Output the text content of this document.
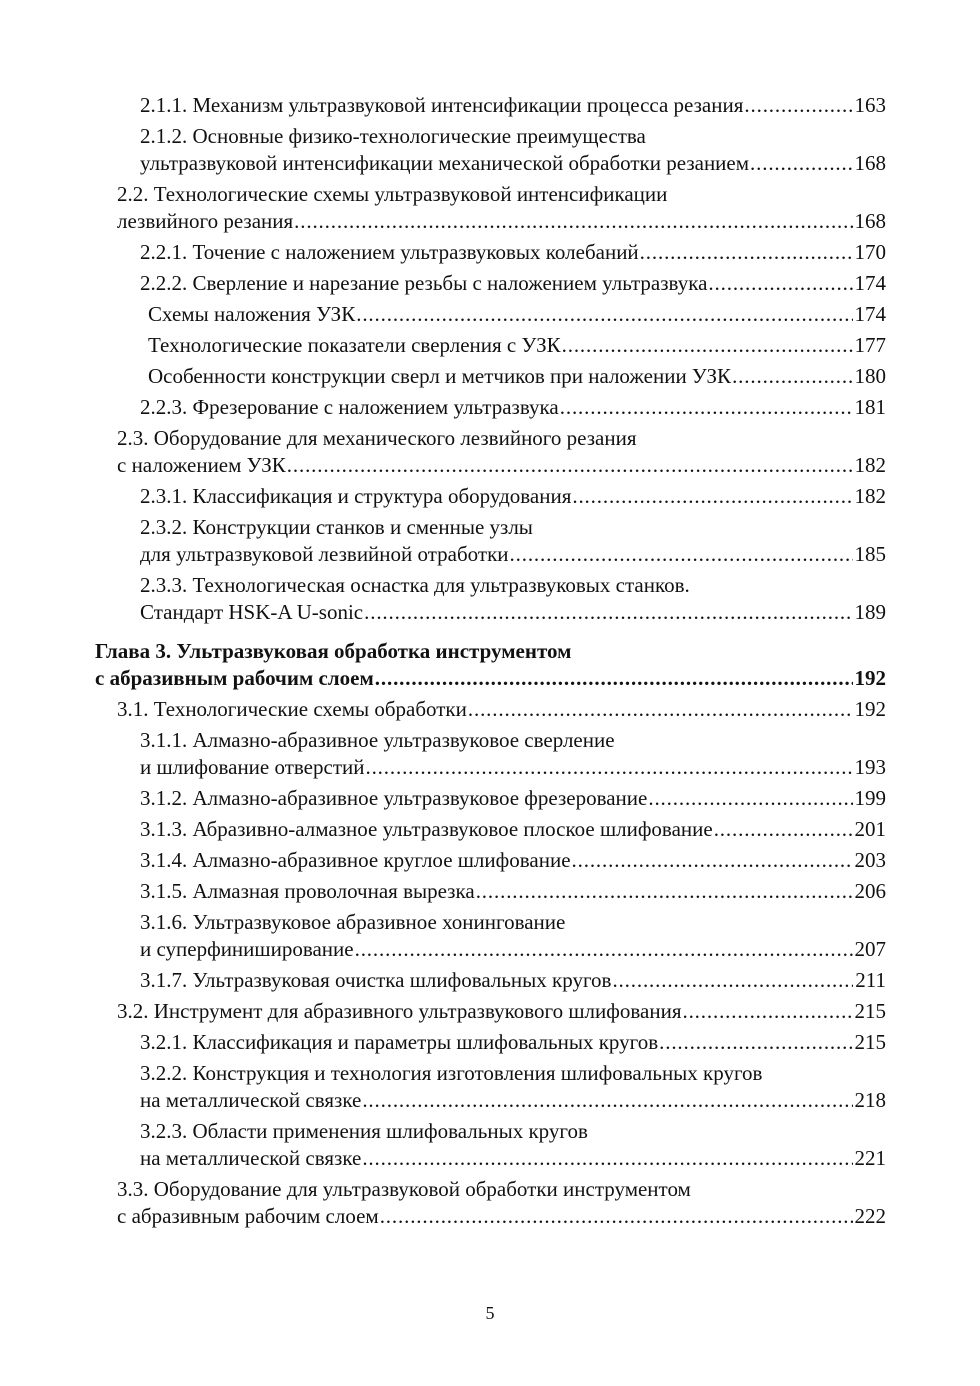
2.1.1. Механизм ультразвуковой интенсификации процесса резания . . .	163
2.1.2. Основные физико-технологические преимущества
ультразвуковой интенсификации механической обработки резанием . . .	168
2.2. Технологические схемы ультразвуковой интенсификации
лезвийного резания . . .	168
2.2.1. Точение с наложением ультразвуковых колебаний . . .	170
2.2.2. Сверление и нарезание резьбы с наложением ультразвука . . .	174
Схемы наложения УЗК . . .	174
Технологические показатели сверления с УЗК . . .	177
Особенности конструкции сверл и метчиков при наложении УЗК . . .	180
2.2.3. Фрезерование с наложением ультразвука . . .	181
2.3. Оборудование для механического лезвийного резания
с наложением УЗК . . .	182
2.3.1. Классификация и структура оборудования . . .	182
2.3.2. Конструкции станков и сменные узлы
для ультразвуковой лезвийной отработки . . .	185
2.3.3. Технологическая оснастка для ультразвуковых станков.
Стандарт HSK-A U-sonic . . .	189
Глава 3. Ультразвуковая обработка инструментом
с абразивным рабочим слоем . . .	192
3.1. Технологические схемы обработки . . .	192
3.1.1. Алмазно-абразивное ультразвуковое сверление
и шлифование отверстий . . .	193
3.1.2. Алмазно-абразивное ультразвуковое фрезерование . . .	199
3.1.3. Абразивно-алмазное ультразвуковое плоское шлифование . . .	201
3.1.4. Алмазно-абразивное круглое шлифование . . .	203
3.1.5. Алмазная проволочная вырезка . . .	206
3.1.6. Ультразвуковое абразивное хонингование
и суперфиниширование . . .	207
3.1.7. Ультразвуковая очистка шлифовальных кругов . . .	211
3.2. Инструмент для абразивного ультразвукового шлифования . . .	215
3.2.1. Классификация и параметры шлифовальных кругов . . .	215
3.2.2. Конструкция и технология изготовления шлифовальных кругов
на металлической связке . . .	218
3.2.3. Области применения шлифовальных кругов
на металлической связке . . .	221
3.3. Оборудование для ультразвуковой обработки инструментом
с абразивным рабочим слоем . . .	222
5
